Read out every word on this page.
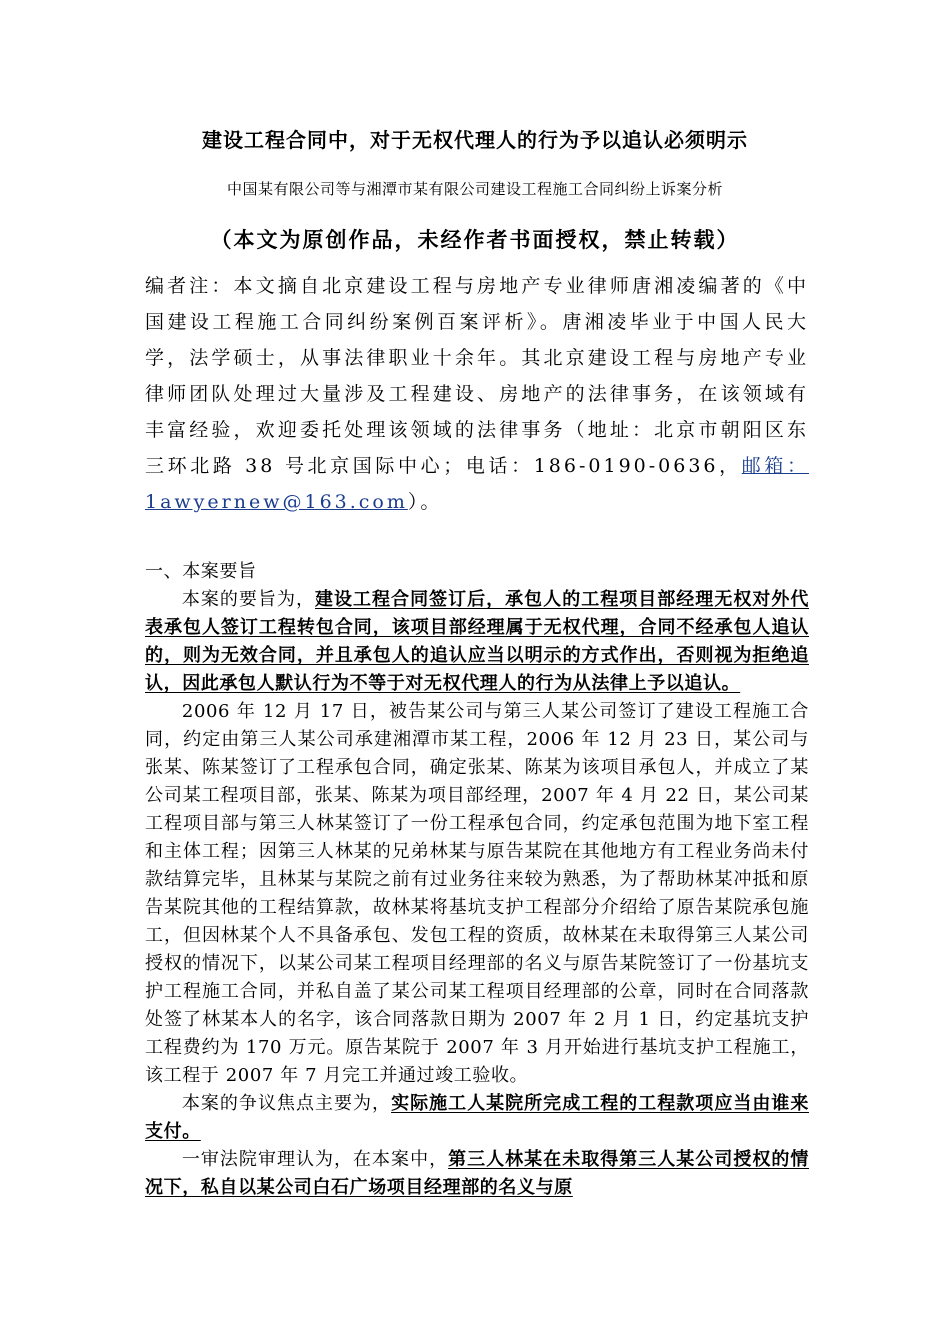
建设工程合同中，对于无权代理人的行为予以追认必须明示
中国某有限公司等与湘潭市某有限公司建设工程施工合同纠纷上诉案分析
（本文为原创作品，未经作者书面授权，禁止转载）
编者注：本文摘自北京建设工程与房地产专业律师唐湘凌编著的《中国建设工程施工合同纠纷案例百案评析》。唐湘凌毕业于中国人民大学，法学硕士，从事法律职业十余年。其北京建设工程与房地产专业律师团队处理过大量涉及工程建设、房地产的法律事务，在该领域有丰富经验，欢迎委托处理该领域的法律事务（地址：北京市朝阳区东三环北路 38 号北京国际中心；电话：186-0190-0636，邮箱：1awyernew@163.com）。

一、本案要旨

本案的要旨为，建设工程合同签订后，承包人的工程项目部经理无权对外代表承包人签订工程转包合同，该项目部经理属于无权代理，合同不经承包人追认的，则为无效合同，并且承包人的追认应当以明示的方式作出，否则视为拒绝追认，因此承包人默认行为不等于对无权代理人的行为从法律上予以追认。

2006 年 12 月 17 日，被告某公司与第三人某公司签订了建设工程施工合同，约定由第三人某公司承建湘潭市某工程，2006 年 12 月 23 日，某公司与张某、陈某签订了工程承包合同，确定张某、陈某为该项目承包人，并成立了某公司某工程项目部，张某、陈某为项目部经理，2007 年 4 月 22 日，某公司某工程项目部与第三人林某签订了一份工程承包合同，约定承包范围为地下室工程和主体工程；因第三人林某的兄弟林某与原告某院在其他地方有工程业务尚未付款结算完毕，且林某与某院之前有过业务往来较为熟悉，为了帮助林某冲抵和原告某院其他的工程结算款，故林某将基坑支护工程部分介绍给了原告某院承包施工，但因林某个人不具备承包、发包工程的资质，故林某在未取得第三人某公司授权的情况下，以某公司某工程项目经理部的名义与原告某院签订了一份基坑支护工程施工合同，并私自盖了某公司某工程项目经理部的公章，同时在合同落款处签了林某本人的名字，该合同落款日期为 2007 年 2 月 1 日，约定基坑支护工程费约为 170 万元。原告某院于 2007 年 3 月开始进行基坑支护工程施工，该工程于 2007 年 7 月完工并通过竣工验收。

本案的争议焦点主要为，实际施工人某院所完成工程的工程款项应当由谁来支付。

一审法院审理认为，在本案中，第三人林某在未取得第三人某公司授权的情况下，私自以某公司白石广场项目经理部的名义与原
